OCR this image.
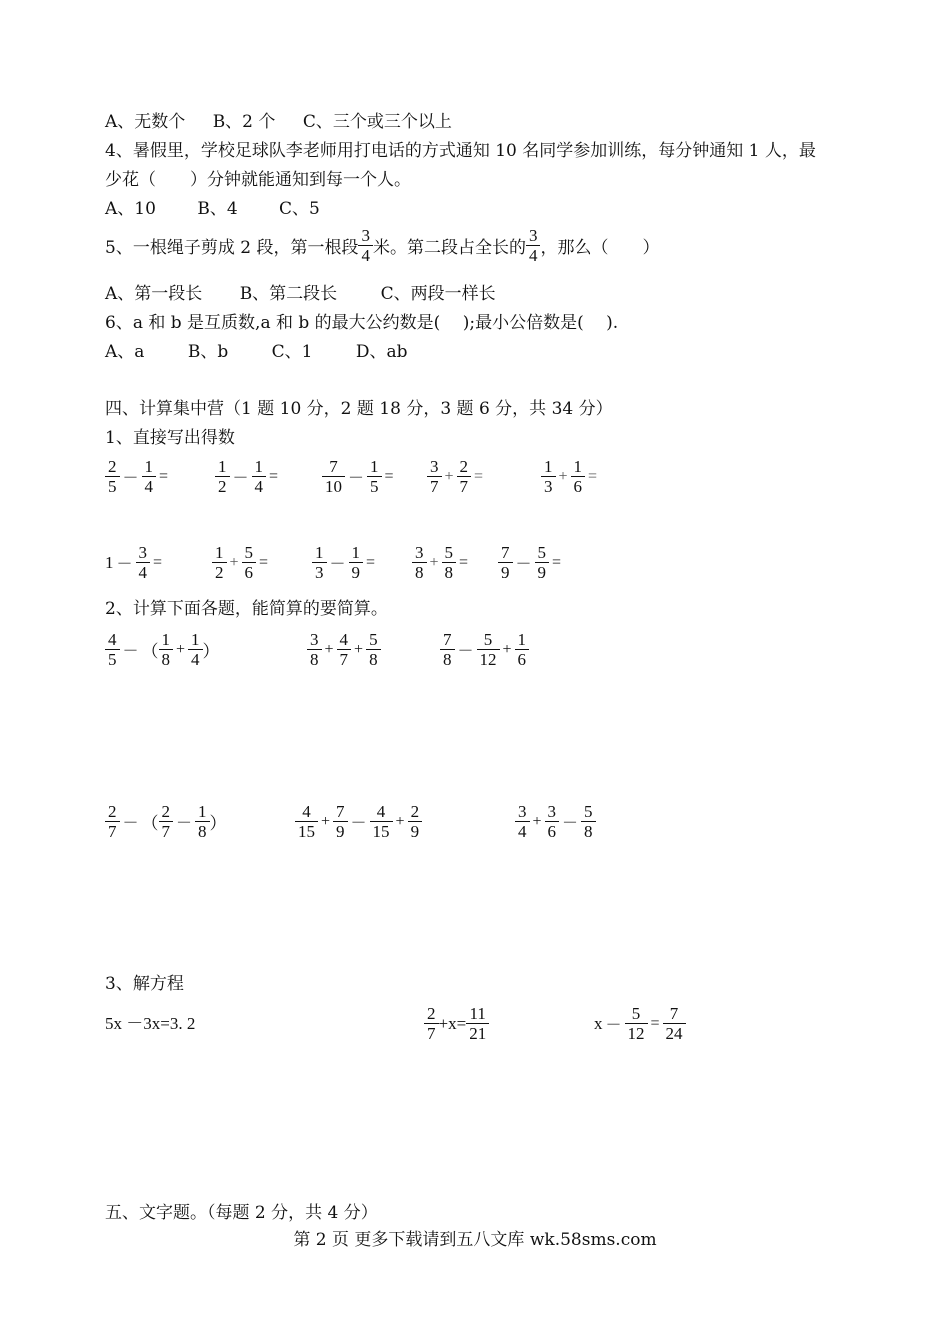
A、无数个 B、2 个 C、三个或三个以上
4、暑假里，学校足球队李老师用打电话的方式通知 10 名同学参加训练，每分钟通知 1 人，最
少花（　　）分钟就能通知到每一个人。
A、10 B、4 C、5
5、一根绳子剪成 2 段，第一根段
3
4 米。第二段占全长的
3
4 ，那么（　　）
A、第一段长 B、第二段长	C、两段一样长
6、a 和 b 是互质数,a 和 b 的最大公约数是(　 );最小公倍数是(　 ).
A、a	B、b	C、1	D、ab
四、计算集中营（1 题 10 分，2 题 18 分，3 题 6 分，共 34 分）
1、直接写出得数
2
$5 - \frac{1}{4}$ =	1
$2 - \frac{1}{4}$ =	7
$10 - \frac{1}{5} = 3$
7
+ $\frac{2}{7}$ =	1
3
+ $\frac{1}{6}$ =
$1 - \frac{3}{4}$ =	1
2
+ $\frac{5}{6}$ =	1
$3 - \frac{1}{9} = 3$
8
+ $\frac{5}{8} = 7$
$9 - \frac{5}{9}$ =
2、计算下面各题，能简算的要简算。
4
5 － （
1
8
+ $\frac{1}{4}$ ）
3
8
+ $\frac{4}{7} + \frac{5}{8}$	7
8 －
5
12
+ $\frac{1}{6}$
2
7 － （
2
7 －
1
8 ）
4
15
+ $\frac{7}{9}$ －
4
15
+ $\frac{2}{9}$	3
4
+ $\frac{3}{6}$ －
5
8
3、解方程
5x －3x=3. 2
2
7
$+x= \frac{11}{21}$	$x - \frac{5}{12} = \frac{7}{24}$
五、文字题。（每题 2 分，共 4 分）
第 2 页 更多下载请到五八文库 wk.58sms.com
